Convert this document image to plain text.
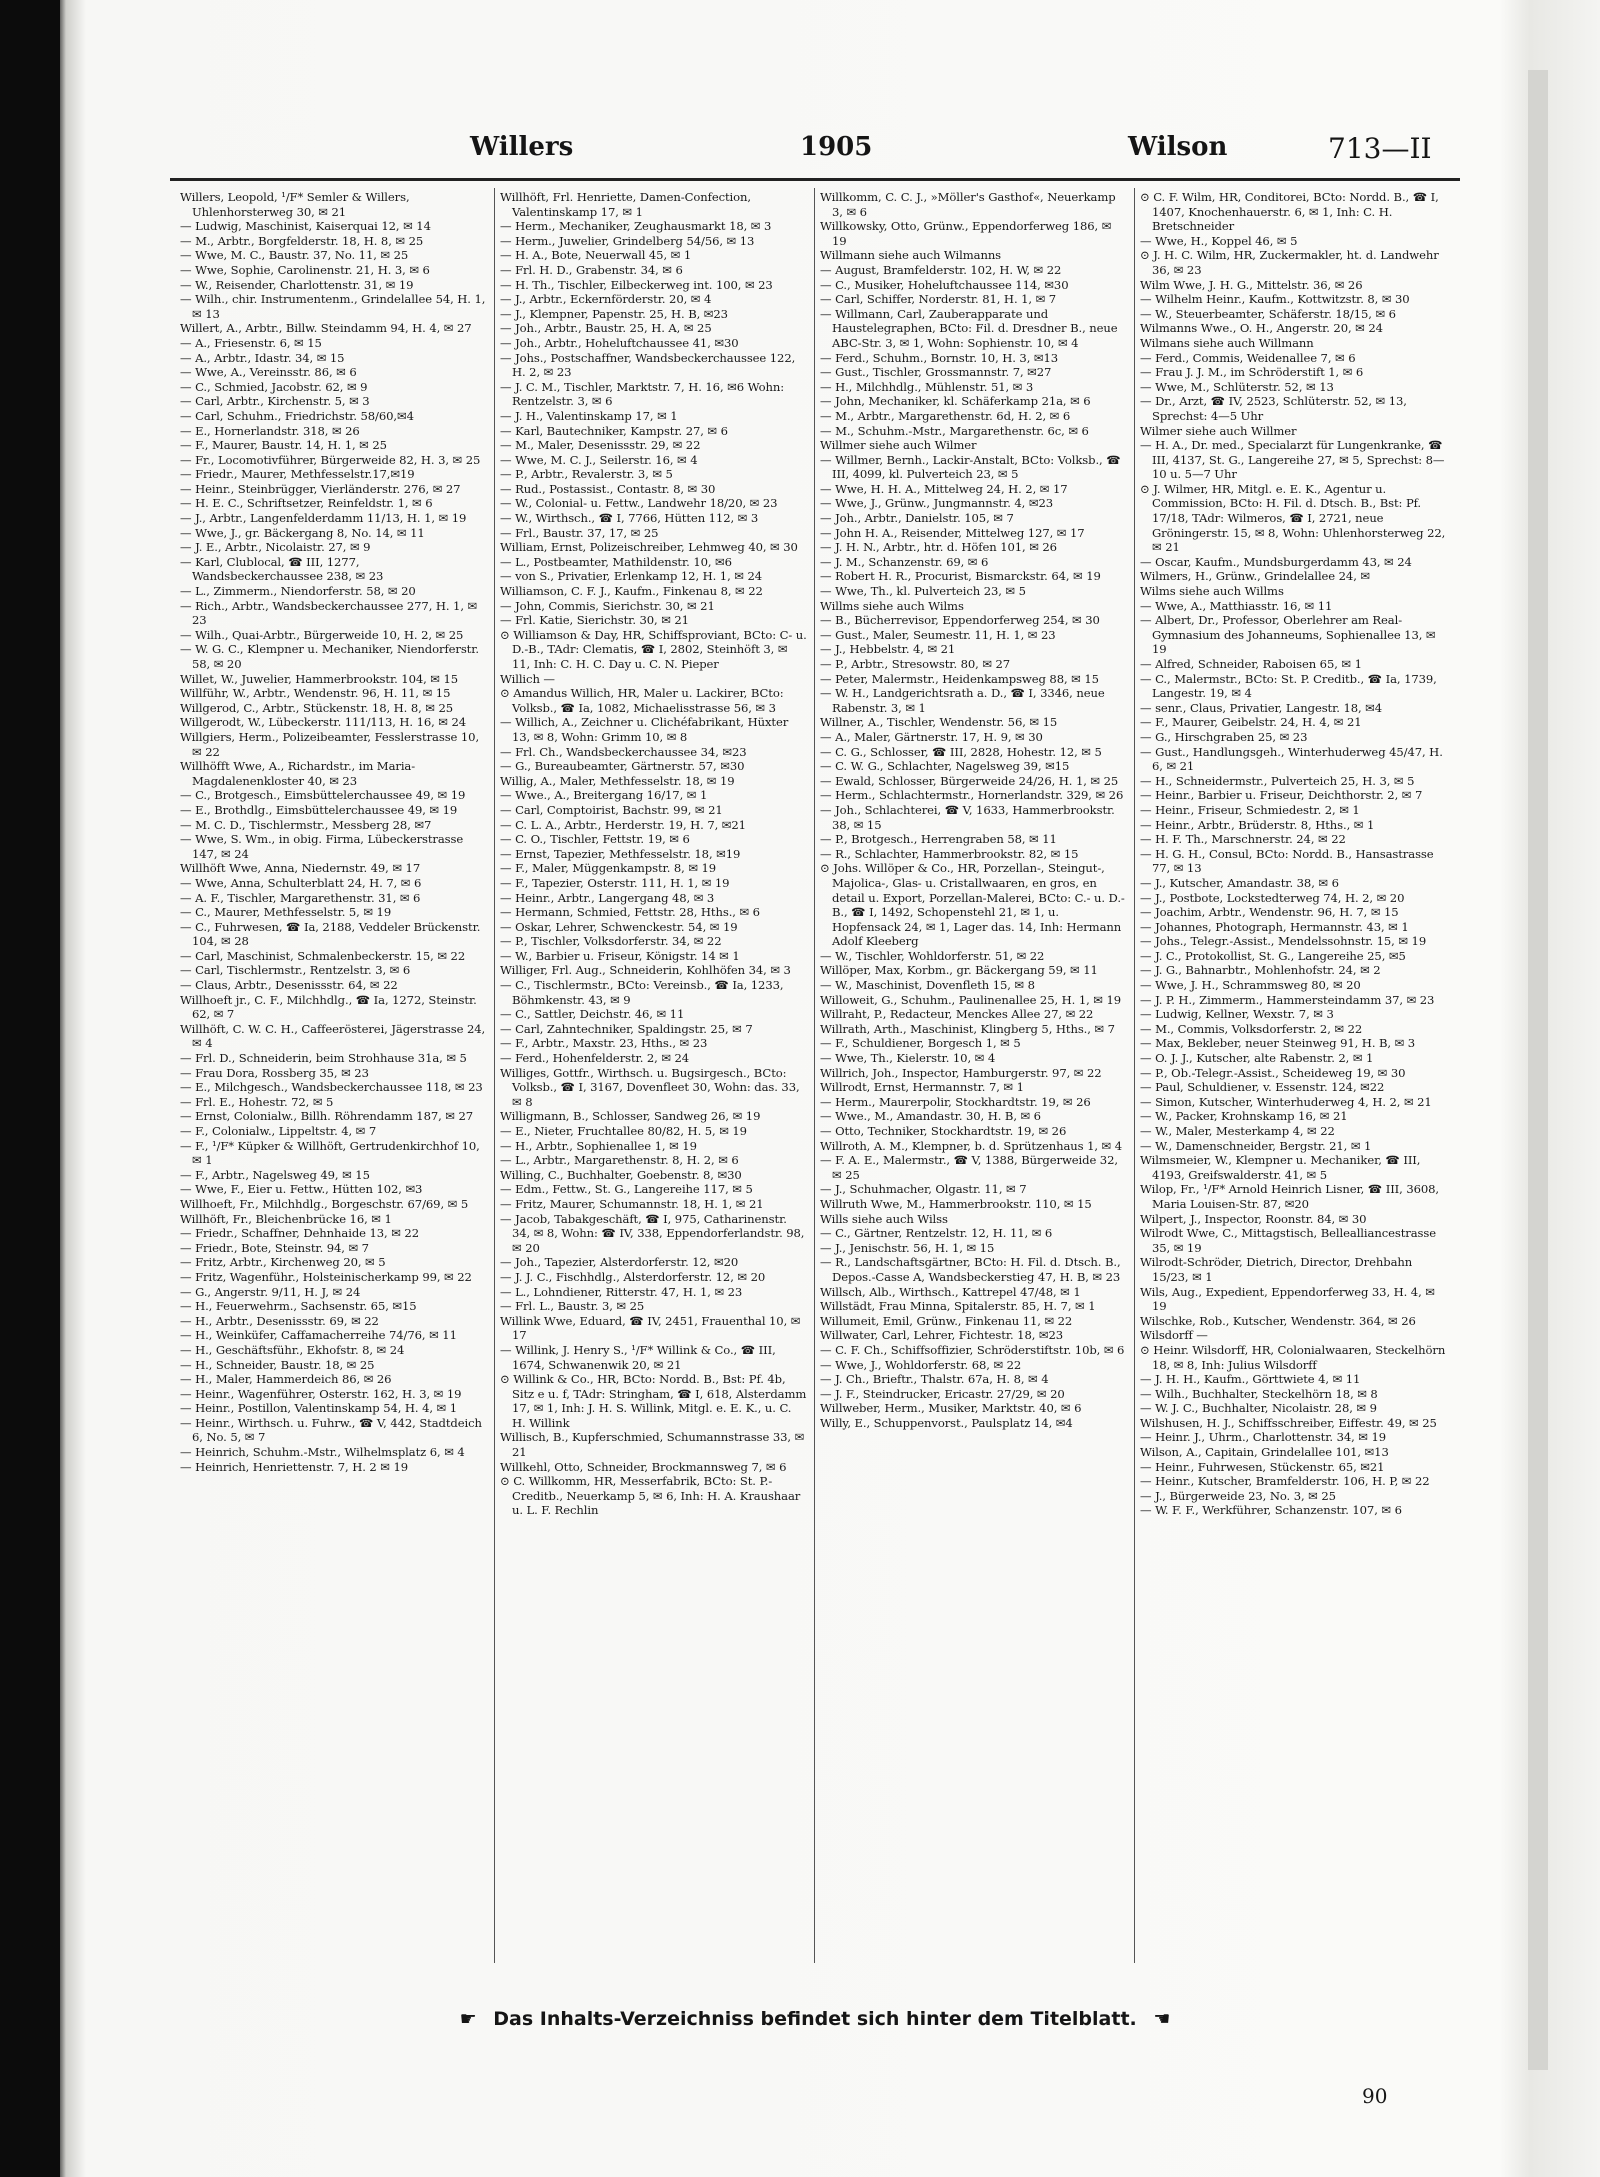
Willers	1905	Wilson	713—II

Willers, Leopold, ¹/F* Semler & Willers, Uhlenhorsterweg 30, ✉ 21

— Ludwig, Maschinist, Kaiserquai 12, ✉ 14

— M., Arbtr., Borgfelderstr. 18, H. 8, ✉ 25

— Wwe, M. C., Baustr. 37, No. 11, ✉ 25

— Wwe, Sophie, Carolinenstr. 21, H. 3, ✉ 6

— W., Reisender, Charlottenstr. 31, ✉ 19

— Wilh., chir. Instrumentenm., Grindelallee 54, H. 1, ✉ 13

Willert, A., Arbtr., Billw. Steindamm 94, H. 4, ✉ 27

— A., Friesenstr. 6, ✉ 15

— A., Arbtr., Idastr. 34, ✉ 15

— Wwe, A., Vereinsstr. 86, ✉ 6

— C., Schmied, Jacobstr. 62, ✉ 9

— Carl, Arbtr., Kirchenstr. 5, ✉ 3

— Carl, Schuhm., Friedrichstr. 58/60,✉4

— E., Hornerlandstr. 318, ✉ 26

— F., Maurer, Baustr. 14, H. 1, ✉ 25

— Fr., Locomotivführer, Bürgerweide 82, H. 3, ✉ 25

— Friedr., Maurer, Methfesselstr.17,✉19

— Heinr., Steinbrügger, Vierländerstr. 276, ✉ 27

— H. E. C., Schriftsetzer, Reinfeldstr. 1, ✉ 6

— J., Arbtr., Langenfelderdamm 11/13, H. 1, ✉ 19

— Wwe, J., gr. Bäckergang 8, No. 14, ✉ 11

— J. E., Arbtr., Nicolaistr. 27, ✉ 9

— Karl, Clublocal, ☎ III, 1277, Wandsbeckerchaussee 238, ✉ 23

— L., Zimmerm., Niendorferstr. 58, ✉ 20

— Rich., Arbtr., Wandsbeckerchaussee 277, H. 1, ✉ 23

— Wilh., Quai-Arbtr., Bürgerweide 10, H. 2, ✉ 25

— W. G. C., Klempner u. Mechaniker, Niendorferstr. 58, ✉ 20

Willet, W., Juwelier, Hammerbrookstr. 104, ✉ 15

Willführ, W., Arbtr., Wendenstr. 96, H. 11, ✉ 15

Willgerod, C., Arbtr., Stückenstr. 18, H. 8, ✉ 25

Willgerodt, W., Lübeckerstr. 111/113, H. 16, ✉ 24

Willgiers, Herm., Polizeibeamter, Fesslerstrasse 10, ✉ 22

Willhöfft Wwe, A., Richardstr., im Maria-Magdalenenkloster 40, ✉ 23

— C., Brotgesch., Eimsbüttelerchaussee 49, ✉ 19

— E., Brothdlg., Eimsbüttelerchaussee 49, ✉ 19

— M. C. D., Tischlermstr., Messberg 28, ✉7

— Wwe, S. Wm., in obig. Firma, Lübeckerstrasse 147, ✉ 24

Willhöft Wwe, Anna, Niedernstr. 49, ✉ 17

— Wwe, Anna, Schulterblatt 24, H. 7, ✉ 6

— A. F., Tischler, Margarethenstr. 31, ✉ 6

— C., Maurer, Methfesselstr. 5, ✉ 19

— C., Fuhrwesen, ☎ Ia, 2188, Veddeler Brückenstr. 104, ✉ 28

— Carl, Maschinist, Schmalenbeckerstr. 15, ✉ 22

— Carl, Tischlermstr., Rentzelstr. 3, ✉ 6

— Claus, Arbtr., Desenissstr. 64, ✉ 22

Willhoeft jr., C. F., Milchhdlg., ☎ Ia, 1272, Steinstr. 62, ✉ 7

Willhöft, C. W. C. H., Caffeerösterei, Jägerstrasse 24, ✉ 4

— Frl. D., Schneiderin, beim Strohhause 31a, ✉ 5

— Frau Dora, Rossberg 35, ✉ 23

— E., Milchgesch., Wandsbeckerchaussee 118, ✉ 23

— Frl. E., Hohestr. 72, ✉ 5

— Ernst, Colonialw., Billh. Röhrendamm 187, ✉ 27

— F., Colonialw., Lippeltstr. 4, ✉ 7

— F., ¹/F* Küpker & Willhöft, Gertrudenkirchhof 10, ✉ 1

— F., Arbtr., Nagelsweg 49, ✉ 15

— Wwe, F., Eier u. Fettw., Hütten 102, ✉3

Willhoeft, Fr., Milchhdlg., Borgeschstr. 67/69, ✉ 5

Willhöft, Fr., Bleichenbrücke 16, ✉ 1

— Friedr., Schaffner, Dehnhaide 13, ✉ 22

— Friedr., Bote, Steinstr. 94, ✉ 7

— Fritz, Arbtr., Kirchenweg 20, ✉ 5

— Fritz, Wagenführ., Holsteinischerkamp 99, ✉ 22

— G., Angerstr. 9/11, H. J, ✉ 24

— H., Feuerwehrm., Sachsenstr. 65, ✉15

— H., Arbtr., Desenissstr. 69, ✉ 22

— H., Weinküfer, Caffamacherreihe 74/76, ✉ 11

— H., Geschäftsführ., Ekhofstr. 8, ✉ 24

— H., Schneider, Baustr. 18, ✉ 25

— H., Maler, Hammerdeich 86, ✉ 26

— Heinr., Wagenführer, Osterstr. 162, H. 3, ✉ 19

— Heinr., Postillon, Valentinskamp 54, H. 4, ✉ 1

— Heinr., Wirthsch. u. Fuhrw., ☎ V, 442, Stadtdeich 6, No. 5, ✉ 7

— Heinrich, Schuhm.-Mstr., Wilhelmsplatz 6, ✉ 4

— Heinrich, Henriettenstr. 7, H. 2 ✉ 19

Willhöft, Frl. Henriette, Damen-Confection, Valentinskamp 17, ✉ 1

— Herm., Mechaniker, Zeughausmarkt 18, ✉ 3

— Herm., Juwelier, Grindelberg 54/56, ✉ 13

— H. A., Bote, Neuerwall 45, ✉ 1

— Frl. H. D., Grabenstr. 34, ✉ 6

— H. Th., Tischler, Eilbeckerweg int. 100, ✉ 23

— J., Arbtr., Eckernförderstr. 20, ✉ 4

— J., Klempner, Papenstr. 25, H. B, ✉23

— Joh., Arbtr., Baustr. 25, H. A, ✉ 25

— Joh., Arbtr., Hoheluftchaussee 41, ✉30

— Johs., Postschaffner, Wandsbeckerchaussee 122, H. 2, ✉ 23

— J. C. M., Tischler, Marktstr. 7, H. 16, ✉6 Wohn: Rentzelstr. 3, ✉ 6

— J. H., Valentinskamp 17, ✉ 1

— Karl, Bautechniker, Kampstr. 27, ✉ 6

— M., Maler, Desenissstr. 29, ✉ 22

— Wwe, M. C. J., Seilerstr. 16, ✉ 4

— P., Arbtr., Revalerstr. 3, ✉ 5

— Rud., Postassist., Contastr. 8, ✉ 30

— W., Colonial- u. Fettw., Landwehr 18/20, ✉ 23

— W., Wirthsch., ☎ I, 7766, Hütten 112, ✉ 3

— Frl., Baustr. 37, 17, ✉ 25

William, Ernst, Polizeischreiber, Lehmweg 40, ✉ 30

— L., Postbeamter, Mathildenstr. 10, ✉6

— von S., Privatier, Erlenkamp 12, H. 1, ✉ 24

Williamson, C. F. J., Kaufm., Finkenau 8, ✉ 22

— John, Commis, Sierichstr. 30, ✉ 21

— Frl. Katie, Sierichstr. 30, ✉ 21

⊙ Williamson & Day, HR, Schiffsproviant, BCto: C- u. D.-B., TAdr: Clematis, ☎ I, 2802, Steinhöft 3, ✉ 11, Inh: C. H. C. Day u. C. N. Pieper

Willich —

⊙ Amandus Willich, HR, Maler u. Lackirer, BCto: Volksb., ☎ Ia, 1082, Michaelisstrasse 56, ✉ 3

— Willich, A., Zeichner u. Clichéfabrikant, Hüxter 13, ✉ 8, Wohn: Grimm 10, ✉ 8

— Frl. Ch., Wandsbeckerchaussee 34, ✉23

— G., Bureaubeamter, Gärtnerstr. 57, ✉30

Willig, A., Maler, Methfesselstr. 18, ✉ 19

— Wwe., A., Breitergang 16/17, ✉ 1

— Carl, Comptoirist, Bachstr. 99, ✉ 21

— C. L. A., Arbtr., Herderstr. 19, H. 7, ✉21

— C. O., Tischler, Fettstr. 19, ✉ 6

— Ernst, Tapezier, Methfesselstr. 18, ✉19

— F., Maler, Müggenkampstr. 8, ✉ 19

— F., Tapezier, Osterstr. 111, H. 1, ✉ 19

— Heinr., Arbtr., Langergang 48, ✉ 3

— Hermann, Schmied, Fettstr. 28, Hths., ✉ 6

— Oskar, Lehrer, Schwenckestr. 54, ✉ 19

— P., Tischler, Volksdorferstr. 34, ✉ 22

— W., Barbier u. Friseur, Königstr. 14 ✉ 1

Williger, Frl. Aug., Schneiderin, Kohlhöfen 34, ✉ 3

— C., Tischlermstr., BCto: Vereinsb., ☎ Ia, 1233, Böhmkenstr. 43, ✉ 9

— C., Sattler, Deichstr. 46, ✉ 11

— Carl, Zahntechniker, Spaldingstr. 25, ✉ 7

— F., Arbtr., Maxstr. 23, Hths., ✉ 23

— Ferd., Hohenfelderstr. 2, ✉ 24

Williges, Gottfr., Wirthsch. u. Bugsirgesch., BCto: Volksb., ☎ I, 3167, Dovenfleet 30, Wohn: das. 33, ✉ 8

Willigmann, B., Schlosser, Sandweg 26, ✉ 19

— E., Nieter, Fruchtallee 80/82, H. 5, ✉ 19

— H., Arbtr., Sophienallee 1, ✉ 19

— L., Arbtr., Margarethenstr. 8, H. 2, ✉ 6

Willing, C., Buchhalter, Goebenstr. 8, ✉30

— Edm., Fettw., St. G., Langereihe 117, ✉ 5

— Fritz, Maurer, Schumannstr. 18, H. 1, ✉ 21

— Jacob, Tabakgeschäft, ☎ I, 975, Catharinenstr. 34, ✉ 8, Wohn: ☎ IV, 338, Eppendorferlandstr. 98, ✉ 20

— Joh., Tapezier, Alsterdorferstr. 12, ✉20

— J. J. C., Fischhdlg., Alsterdorferstr. 12, ✉ 20

— L., Lohndiener, Ritterstr. 47, H. 1, ✉ 23

— Frl. L., Baustr. 3, ✉ 25

Willink Wwe, Eduard, ☎ IV, 2451, Frauenthal 10, ✉ 17

— Willink, J. Henry S., ¹/F* Willink & Co., ☎ III, 1674, Schwanenwik 20, ✉ 21

⊙ Willink & Co., HR, BCto: Nordd. B., Bst: Pf. 4b, Sitz e u. f, TAdr: Stringham, ☎ I, 618, Alsterdamm 17, ✉ 1, Inh: J. H. S. Willink, Mitgl. e. E. K., u. C. H. Willink

Willisch, B., Kupferschmied, Schumannstrasse 33, ✉ 21

Willkehl, Otto, Schneider, Brockmannsweg 7, ✉ 6

⊙ C. Willkomm, HR, Messerfabrik, BCto: St. P.-Creditb., Neuerkamp 5, ✉ 6, Inh: H. A. Kraushaar u. L. F. Rechlin

Willkomm, C. C. J., »Möller's Gasthof«, Neuerkamp 3, ✉ 6

Willkowsky, Otto, Grünw., Eppendorferweg 186, ✉ 19

Willmann siehe auch Wilmanns

— August, Bramfelderstr. 102, H. W, ✉ 22

— C., Musiker, Hoheluftchaussee 114, ✉30

— Carl, Schiffer, Norderstr. 81, H. 1, ✉ 7

— Willmann, Carl, Zauberapparate und Haustelegraphen, BCto: Fil. d. Dresdner B., neue ABC-Str. 3, ✉ 1, Wohn: Sophienstr. 10, ✉ 4

— Ferd., Schuhm., Bornstr. 10, H. 3, ✉13

— Gust., Tischler, Grossmannstr. 7, ✉27

— H., Milchhdlg., Mühlenstr. 51, ✉ 3

— John, Mechaniker, kl. Schäferkamp 21a, ✉ 6

— M., Arbtr., Margarethenstr. 6d, H. 2, ✉ 6

— M., Schuhm.-Mstr., Margarethenstr. 6c, ✉ 6

Willmer siehe auch Wilmer

— Willmer, Bernh., Lackir-Anstalt, BCto: Volksb., ☎ III, 4099, kl. Pulverteich 23, ✉ 5

— Wwe, H. H. A., Mittelweg 24, H. 2, ✉ 17

— Wwe, J., Grünw., Jungmannstr. 4, ✉23

— Joh., Arbtr., Danielstr. 105, ✉ 7

— John H. A., Reisender, Mittelweg 127, ✉ 17

— J. H. N., Arbtr., htr. d. Höfen 101, ✉ 26

— J. M., Schanzenstr. 69, ✉ 6

— Robert H. R., Procurist, Bismarckstr. 64, ✉ 19

— Wwe, Th., kl. Pulverteich 23, ✉ 5

Willms siehe auch Wilms

— B., Bücherrevisor, Eppendorferweg 254, ✉ 30

— Gust., Maler, Seumestr. 11, H. 1, ✉ 23

— J., Hebbelstr. 4, ✉ 21

— P., Arbtr., Stresowstr. 80, ✉ 27

— Peter, Malermstr., Heidenkampsweg 88, ✉ 15

— W. H., Landgerichtsrath a. D., ☎ I, 3346, neue Rabenstr. 3, ✉ 1

Willner, A., Tischler, Wendenstr. 56, ✉ 15

— A., Maler, Gärtnerstr. 17, H. 9, ✉ 30

— C. G., Schlosser, ☎ III, 2828, Hohestr. 12, ✉ 5

— C. W. G., Schlachter, Nagelsweg 39, ✉15

— Ewald, Schlosser, Bürgerweide 24/26, H. 1, ✉ 25

— Herm., Schlachtermstr., Hornerlandstr. 329, ✉ 26

— Joh., Schlachterei, ☎ V, 1633, Hammerbrookstr. 38, ✉ 15

— P., Brotgesch., Herrengraben 58, ✉ 11

— R., Schlachter, Hammerbrookstr. 82, ✉ 15

⊙ Johs. Willöper & Co., HR, Porzellan-, Steingut-, Majolica-, Glas- u. Cristallwaaren, en gros, en detail u. Export, Porzellan-Malerei, BCto: C.- u. D.-B., ☎ I, 1492, Schopenstehl 21, ✉ 1, u. Hopfensack 24, ✉ 1, Lager das. 14, Inh: Hermann Adolf Kleeberg

— W., Tischler, Wohldorferstr. 51, ✉ 22

Willöper, Max, Korbm., gr. Bäckergang 59, ✉ 11

— W., Maschinist, Dovenfleth 15, ✉ 8

Willoweit, G., Schuhm., Paulinenallee 25, H. 1, ✉ 19

Willraht, P., Redacteur, Menckes Allee 27, ✉ 22

Willrath, Arth., Maschinist, Klingberg 5, Hths., ✉ 7

— F., Schuldiener, Borgesch 1, ✉ 5

— Wwe, Th., Kielerstr. 10, ✉ 4

Willrich, Joh., Inspector, Hamburgerstr. 97, ✉ 22

Willrodt, Ernst, Hermannstr. 7, ✉ 1

— Herm., Maurerpolir, Stockhardtstr. 19, ✉ 26

— Wwe., M., Amandastr. 30, H. B, ✉ 6

— Otto, Techniker, Stockhardtstr. 19, ✉ 26

Willroth, A. M., Klempner, b. d. Sprützenhaus 1, ✉ 4

— F. A. E., Malermstr., ☎ V, 1388, Bürgerweide 32, ✉ 25

— J., Schuhmacher, Olgastr. 11, ✉ 7

Willruth Wwe, M., Hammerbrookstr. 110, ✉ 15

Wills siehe auch Wilss

— C., Gärtner, Rentzelstr. 12, H. 11, ✉ 6

— J., Jenischstr. 56, H. 1, ✉ 15

— R., Landschaftsgärtner, BCto: H. Fil. d. Dtsch. B., Depos.-Casse A, Wandsbeckerstieg 47, H. B, ✉ 23

Willsch, Alb., Wirthsch., Kattrepel 47/48, ✉ 1

Willstädt, Frau Minna, Spitalerstr. 85, H. 7, ✉ 1

Willumeit, Emil, Grünw., Finkenau 11, ✉ 22

Willwater, Carl, Lehrer, Fichtestr. 18, ✉23

— C. F. Ch., Schiffsoffizier, Schröderstiftstr. 10b, ✉ 6

— Wwe, J., Wohldorferstr. 68, ✉ 22

— J. Ch., Brieftr., Thalstr. 67a, H. 8, ✉ 4

— J. F., Steindrucker, Ericastr. 27/29, ✉ 20

Willweber, Herm., Musiker, Marktstr. 40, ✉ 6

Willy, E., Schuppenvorst., Paulsplatz 14, ✉4

⊙ C. F. Wilm, HR, Conditorei, BCto: Nordd. B., ☎ I, 1407, Knochenhauerstr. 6, ✉ 1, Inh: C. H. Bretschneider

— Wwe, H., Koppel 46, ✉ 5

⊙ J. H. C. Wilm, HR, Zuckermakler, ht. d. Landwehr 36, ✉ 23

Wilm Wwe, J. H. G., Mittelstr. 36, ✉ 26

— Wilhelm Heinr., Kaufm., Kottwitzstr. 8, ✉ 30

— W., Steuerbeamter, Schäferstr. 18/15, ✉ 6

Wilmanns Wwe., O. H., Angerstr. 20, ✉ 24

Wilmans siehe auch Willmann

— Ferd., Commis, Weidenallee 7, ✉ 6

— Frau J. J. M., im Schröderstift 1, ✉ 6

— Wwe, M., Schlüterstr. 52, ✉ 13

— Dr., Arzt, ☎ IV, 2523, Schlüterstr. 52, ✉ 13, Sprechst: 4—5 Uhr

Wilmer siehe auch Willmer

— H. A., Dr. med., Specialarzt für Lungenkranke, ☎ III, 4137, St. G., Langereihe 27, ✉ 5, Sprechst: 8—10 u. 5—7 Uhr

⊙ J. Wilmer, HR, Mitgl. e. E. K., Agentur u. Commission, BCto: H. Fil. d. Dtsch. B., Bst: Pf. 17/18, TAdr: Wilmeros, ☎ I, 2721, neue Gröningerstr. 15, ✉ 8, Wohn: Uhlenhorsterweg 22, ✉ 21

— Oscar, Kaufm., Mundsburgerdamm 43, ✉ 24

Wilmers, H., Grünw., Grindelallee 24, ✉

Wilms siehe auch Willms

— Wwe, A., Matthiasstr. 16, ✉ 11

— Albert, Dr., Professor, Oberlehrer am Real-Gymnasium des Johanneums, Sophienallee 13, ✉ 19

— Alfred, Schneider, Raboisen 65, ✉ 1

— C., Malermstr., BCto: St. P. Creditb., ☎ Ia, 1739, Langestr. 19, ✉ 4

— senr., Claus, Privatier, Langestr. 18, ✉4

— F., Maurer, Geibelstr. 24, H. 4, ✉ 21

— G., Hirschgraben 25, ✉ 23

— Gust., Handlungsgeh., Winterhuderweg 45/47, H. 6, ✉ 21

— H., Schneidermstr., Pulverteich 25, H. 3, ✉ 5

— Heinr., Barbier u. Friseur, Deichthorstr. 2, ✉ 7

— Heinr., Friseur, Schmiedestr. 2, ✉ 1

— Heinr., Arbtr., Brüderstr. 8, Hths., ✉ 1

— H. F. Th., Marschnerstr. 24, ✉ 22

— H. G. H., Consul, BCto: Nordd. B., Hansastrasse 77, ✉ 13

— J., Kutscher, Amandastr. 38, ✉ 6

— J., Postbote, Lockstedterweg 74, H. 2, ✉ 20

— Joachim, Arbtr., Wendenstr. 96, H. 7, ✉ 15

— Johannes, Photograph, Hermannstr. 43, ✉ 1

— Johs., Telegr.-Assist., Mendelssohnstr. 15, ✉ 19

— J. C., Protokollist, St. G., Langereihe 25, ✉5

— J. G., Bahnarbtr., Mohlenhofstr. 24, ✉ 2

— Wwe, J. H., Schrammsweg 80, ✉ 20

— J. P. H., Zimmerm., Hammersteindamm 37, ✉ 23

— Ludwig, Kellner, Wexstr. 7, ✉ 3

— M., Commis, Volksdorferstr. 2, ✉ 22

— Max, Bekleber, neuer Steinweg 91, H. B, ✉ 3

— O. J. J., Kutscher, alte Rabenstr. 2, ✉ 1

— P., Ob.-Telegr.-Assist., Scheideweg 19, ✉ 30

— Paul, Schuldiener, v. Essenstr. 124, ✉22

— Simon, Kutscher, Winterhuderweg 4, H. 2, ✉ 21

— W., Packer, Krohnskamp 16, ✉ 21

— W., Maler, Mesterkamp 4, ✉ 22

— W., Damenschneider, Bergstr. 21, ✉ 1

Wilmsmeier, W., Klempner u. Mechaniker, ☎ III, 4193, Greifswalderstr. 41, ✉ 5

Wilop, Fr., ¹/F* Arnold Heinrich Lisner, ☎ III, 3608, Maria Louisen-Str. 87, ✉20

Wilpert, J., Inspector, Roonstr. 84, ✉ 30

Wilrodt Wwe, C., Mittagstisch, Bellealliancestrasse 35, ✉ 19

Wilrodt-Schröder, Dietrich, Director, Drehbahn 15/23, ✉ 1

Wils, Aug., Expedient, Eppendorferweg 33, H. 4, ✉ 19

Wilschke, Rob., Kutscher, Wendenstr. 364, ✉ 26

Wilsdorff —

⊙ Heinr. Wilsdorff, HR, Colonialwaaren, Steckelhörn 18, ✉ 8, Inh: Julius Wilsdorff

— J. H. H., Kaufm., Görttwiete 4, ✉ 11

— Wilh., Buchhalter, Steckelhörn 18, ✉ 8

— W. J. C., Buchhalter, Nicolaistr. 28, ✉ 9

Wilshusen, H. J., Schiffsschreiber, Eiffestr. 49, ✉ 25

— Heinr. J., Uhrm., Charlottenstr. 34, ✉ 19

Wilson, A., Capitain, Grindelallee 101, ✉13

— Heinr., Fuhrwesen, Stückenstr. 65, ✉21

— Heinr., Kutscher, Bramfelderstr. 106, H. P, ✉ 22

— J., Bürgerweide 23, No. 3, ✉ 25

— W. F. F., Werkführer, Schanzenstr. 107, ✉ 6

☛ Das Inhalts-Verzeichniss befindet sich hinter dem Titelblatt. ☚
90
